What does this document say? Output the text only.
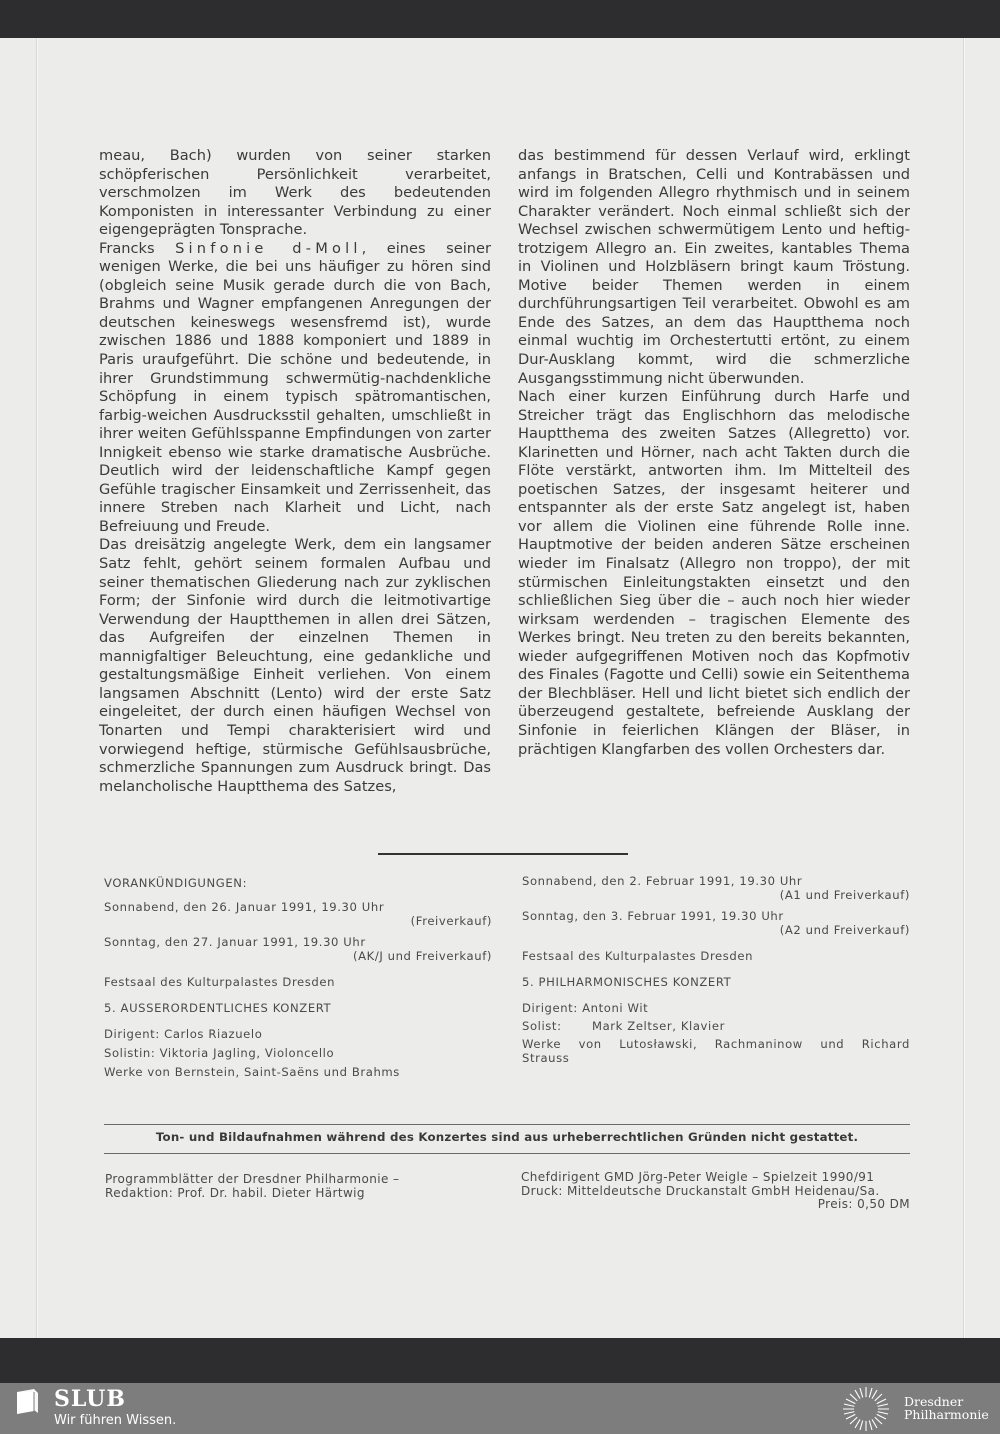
meau, Bach) wurden von seiner starken schöpferischen Persönlichkeit verarbeitet, verschmolzen im Werk des bedeutenden Komponisten in interessanter Verbindung zu einer eigengeprägten Tonsprache.

Francks Sinfonie d-Moll, eines seiner wenigen Werke, die bei uns häufiger zu hören sind (obgleich seine Musik gerade durch die von Bach, Brahms und Wagner empfangenen Anregungen der deutschen keineswegs wesensfremd ist), wurde zwischen 1886 und 1888 komponiert und 1889 in Paris uraufgeführt. Die schöne und bedeutende, in ihrer Grundstimmung schwermütig-nachdenkliche Schöpfung in einem typisch spätromantischen, farbig-weichen Ausdrucksstil gehalten, umschließt in ihrer weiten Gefühlsspanne Empfindungen von zarter Innigkeit ebenso wie starke dramatische Ausbrüche. Deutlich wird der leidenschaftliche Kampf gegen Gefühle tragischer Einsamkeit und Zerrissenheit, das innere Streben nach Klarheit und Licht, nach Befreiuung und Freude.

Das dreisätzig angelegte Werk, dem ein langsamer Satz fehlt, gehört seinem formalen Aufbau und seiner thematischen Gliederung nach zur zyklischen Form; der Sinfonie wird durch die leitmotivartige Verwendung der Hauptthemen in allen drei Sätzen, das Aufgreifen der einzelnen Themen in mannigfaltiger Beleuchtung, eine gedankliche und gestaltungsmäßige Einheit verliehen. Von einem langsamen Abschnitt (Lento) wird der erste Satz eingeleitet, der durch einen häufigen Wechsel von Tonarten und Tempi charakterisiert wird und vorwiegend heftige, stürmische Gefühlsausbrüche, schmerzliche Spannungen zum Ausdruck bringt. Das melancholische Hauptthema des Satzes,

das bestimmend für dessen Verlauf wird, erklingt anfangs in Bratschen, Celli und Kontrabässen und wird im folgenden Allegro rhythmisch und in seinem Charakter verändert. Noch einmal schließt sich der Wechsel zwischen schwermütigem Lento und heftig-trotzigem Allegro an. Ein zweites, kantables Thema in Violinen und Holzbläsern bringt kaum Tröstung. Motive beider Themen werden in einem durchführungsartigen Teil verarbeitet. Obwohl es am Ende des Satzes, an dem das Hauptthema noch einmal wuchtig im Orchestertutti ertönt, zu einem Dur-Ausklang kommt, wird die schmerzliche Ausgangsstimmung nicht überwunden.

Nach einer kurzen Einführung durch Harfe und Streicher trägt das Englischhorn das melodische Hauptthema des zweiten Satzes (Allegretto) vor. Klarinetten und Hörner, nach acht Takten durch die Flöte verstärkt, antworten ihm. Im Mittelteil des poetischen Satzes, der insgesamt heiterer und entspannter als der erste Satz angelegt ist, haben vor allem die Violinen eine führende Rolle inne. Hauptmotive der beiden anderen Sätze erscheinen wieder im Finalsatz (Allegro non troppo), der mit stürmischen Einleitungstakten einsetzt und den schließlichen Sieg über die – auch noch hier wieder wirksam werdenden – tragischen Elemente des Werkes bringt. Neu treten zu den bereits bekannten, wieder aufgegriffenen Motiven noch das Kopfmotiv des Finales (Fagotte und Celli) sowie ein Seitenthema der Blechbläser. Hell und licht bietet sich endlich der überzeugend gestaltete, befreiende Ausklang der Sinfonie in feierlichen Klängen der Bläser, in prächtigen Klangfarben des vollen Orchesters dar.

VORANKÜNDIGUNGEN:
Sonnabend, den 26. Januar 1991, 19.30 Uhr
(Freiverkauf)
Sonntag, den 27. Januar 1991, 19.30 Uhr
(AK/J und Freiverkauf)
Festsaal des Kulturpalastes Dresden
5. AUSSERORDENTLICHES KONZERT
Dirigent: Carlos Riazuelo
Solistin: Viktoria Jagling, Violoncello
Werke von Bernstein, Saint-Saëns und Brahms
Sonnabend, den 2. Februar 1991, 19.30 Uhr
(A1 und Freiverkauf)
Sonntag, den 3. Februar 1991, 19.30 Uhr
(A2 und Freiverkauf)
Festsaal des Kulturpalastes Dresden
5. PHILHARMONISCHES KONZERT
Dirigent: Antoni Wit
Solist:	Mark Zeltser, Klavier
Werke von Lutosławski, Rachmaninow und Richard Strauss
Ton- und Bildaufnahmen während des Konzertes sind aus urheberrechtlichen Gründen nicht gestattet.
Programmblätter der Dresdner Philharmonie –
Redaktion: Prof. Dr. habil. Dieter Härtwig
Chefdirigent GMD Jörg-Peter Weigle – Spielzeit 1990/91
Druck: Mitteldeutsche Druckanstalt GmbH Heidenau/Sa.
Preis: 0,50 DM
SLUB
Wir führen Wissen.
Dresdner
Philharmonie
